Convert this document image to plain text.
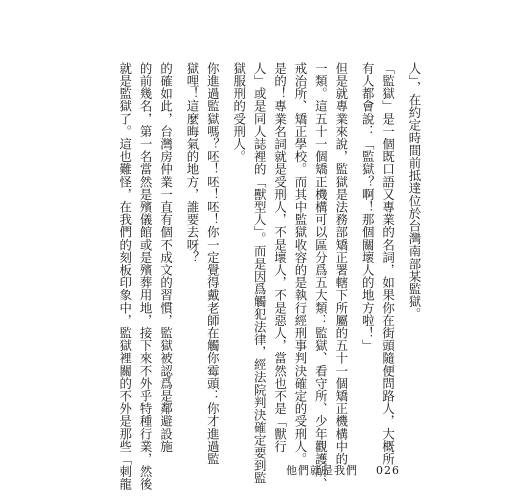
人」，在約定時間前抵達位於台灣南部某監獄。
「監獄」是一個既口語又專業的名詞，如果你在街頭隨便問路人，大概所
有人都會說：「監獄？啊！那個關壞人的地方啦！」
但是就專業來說，監獄是法務部矯正署轄下所屬的五十一個矯正機構中的
一類。這五十一個矯正機構可以區分爲五大類：監獄、看守所、少年觀護所、
戒治所、矯正學校。而其中監獄收容的是執行經刑事判決確定的受刑人。
是的！專業名詞就是受刑人，不是壞人，不是惡人，當然也不是「獸行
人」或是同人誌裡的「獸型人」。而是因爲觸犯法律，經法院判決確定要到監
獄服刑的受刑人。
你進過監獄嗎？呸！呸！呸！你一定覺得戴老師在觸你霉頭：你才進過監
獄哩！這麼晦氣的地方，誰要去呀？
的確如此，台灣房仲業一直有個不成文的習慣，監獄被認爲是鄰避設施
的前幾名，第一名當然是殯儀館或是殯葬用地，接下來不外乎特種行業，然後
就是監獄了。這也難怪，在我們的刻板印象中，監獄裡關的不外是那些「刺龍	他們就是我們 026
